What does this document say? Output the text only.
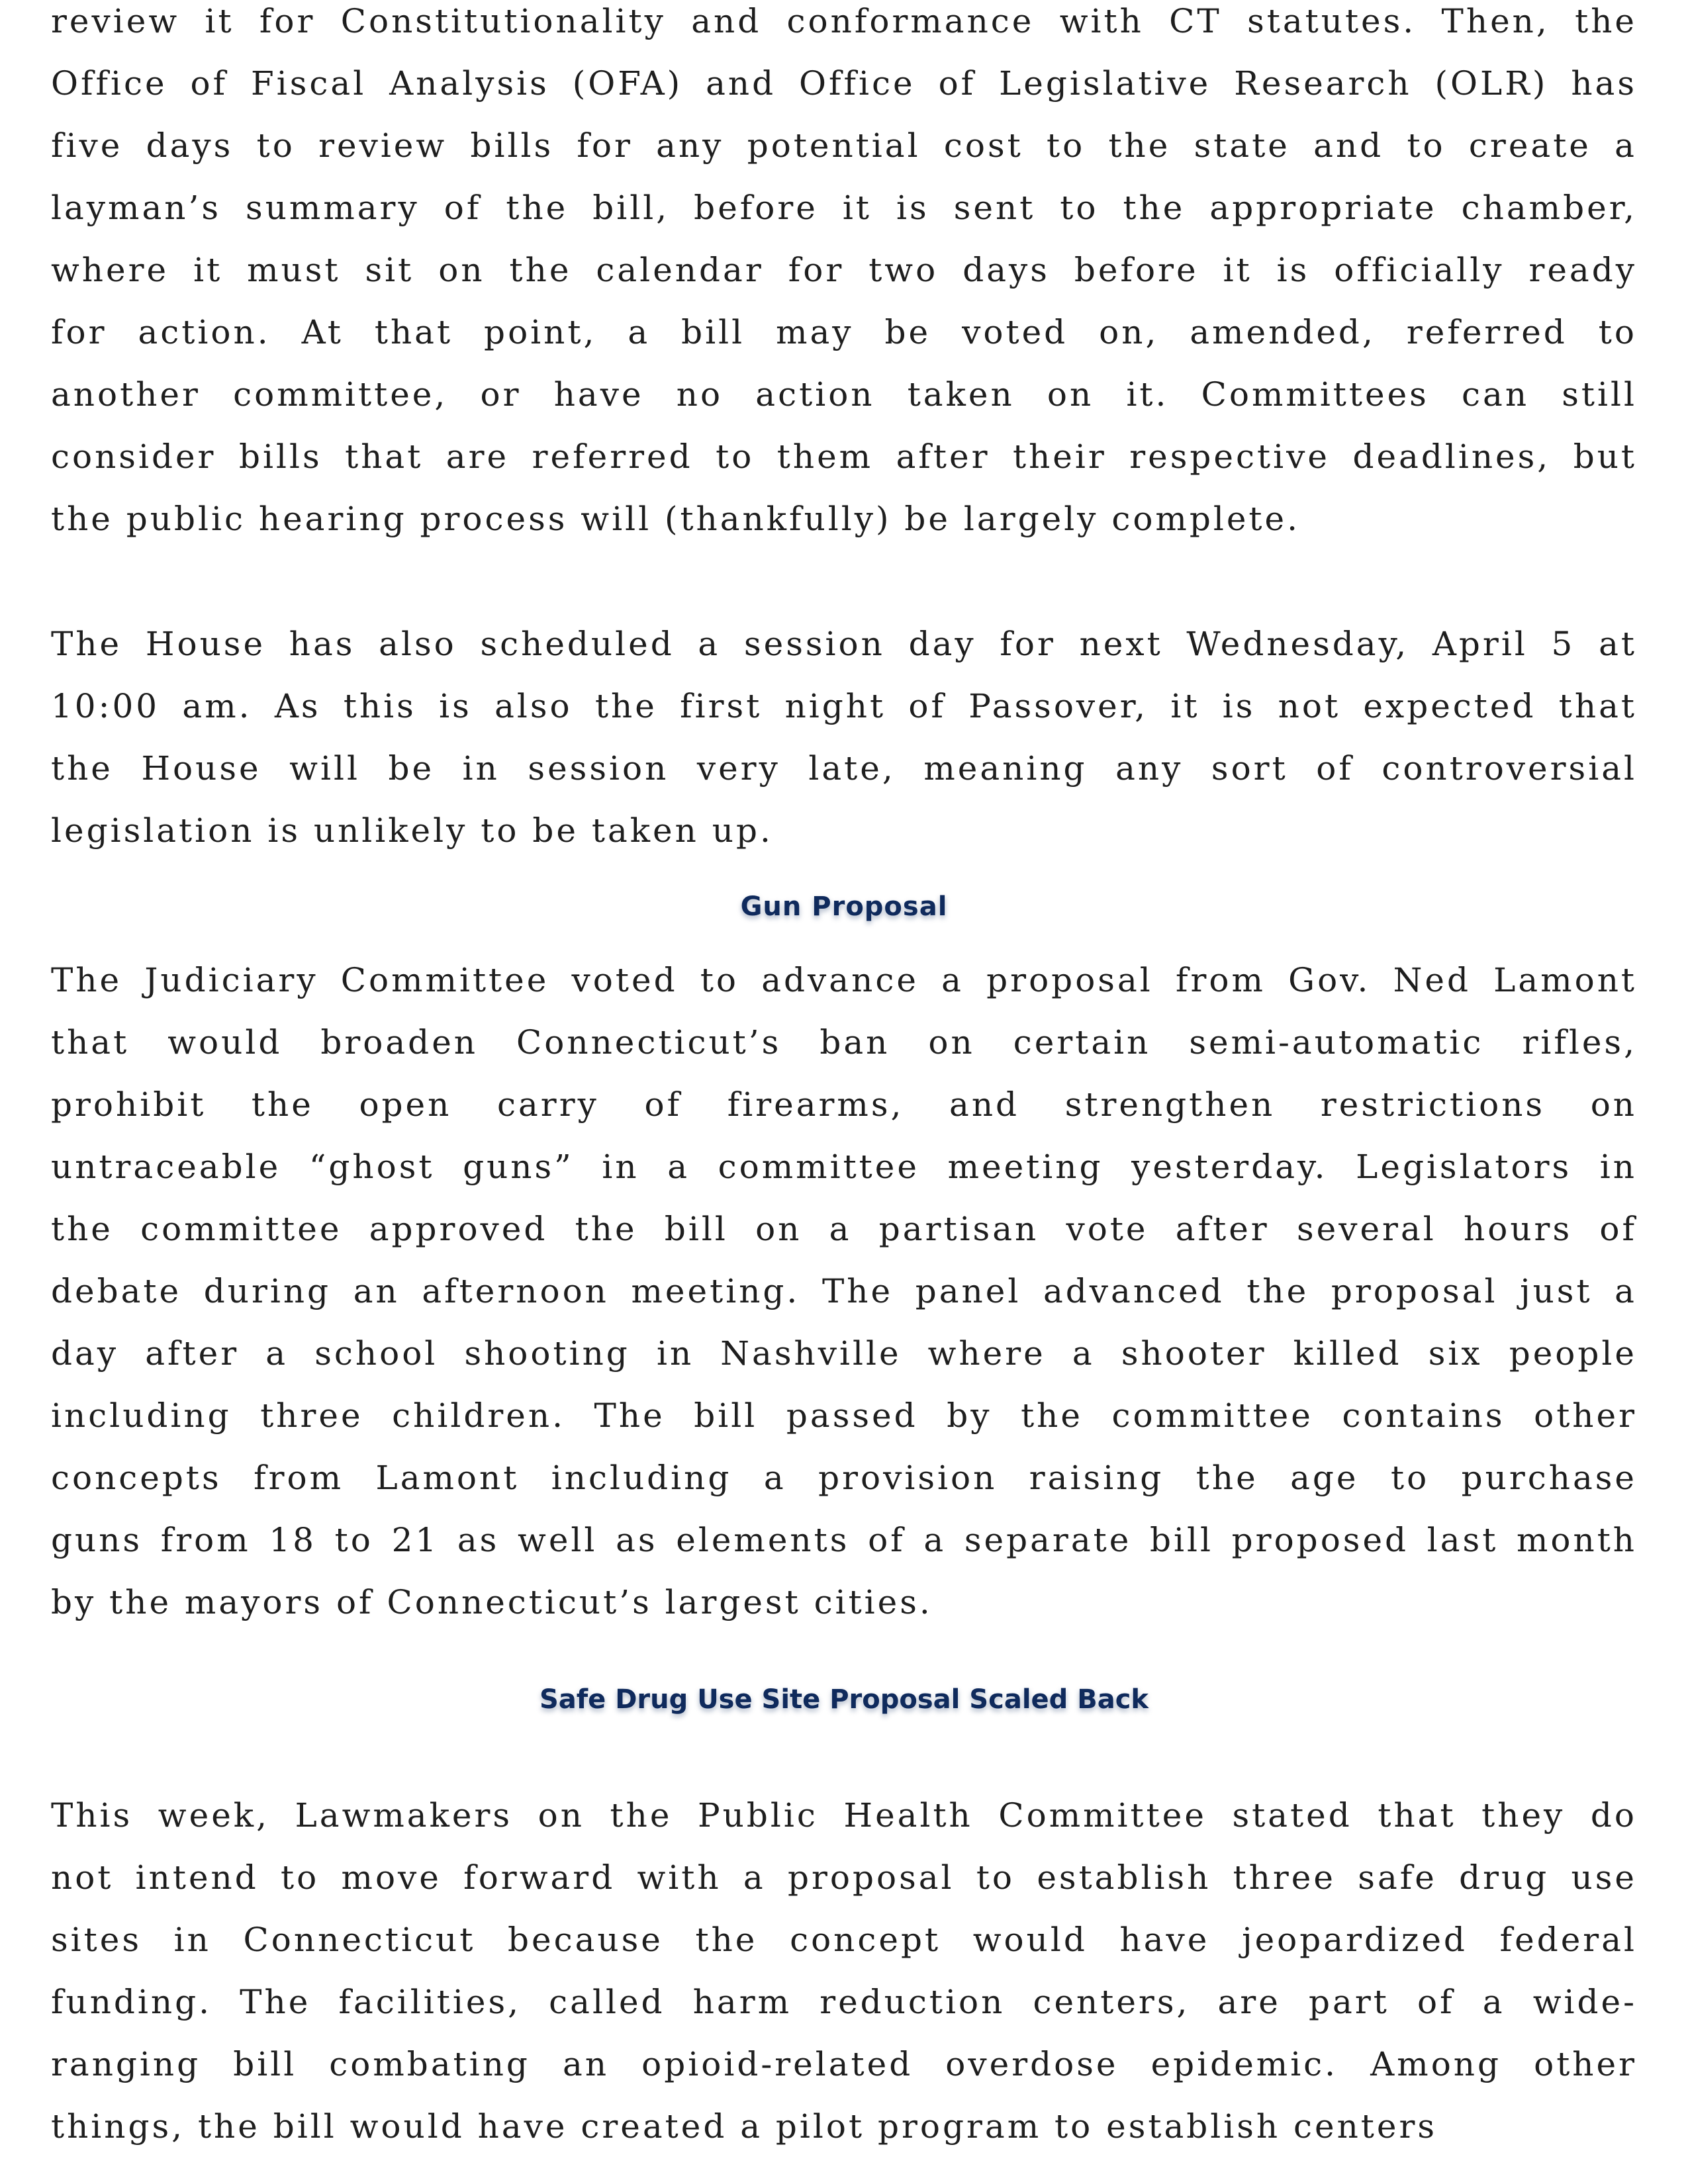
review it for Constitutionality and conformance with CT statutes. Then, the
Office of Fiscal Analysis (OFA) and Office of Legislative Research (OLR) has
five days to review bills for any potential cost to the state and to create a
layman’s summary of the bill, before it is sent to the appropriate chamber,
where it must sit on the calendar for two days before it is officially ready
for action. At that point, a bill may be voted on, amended, referred to
another committee, or have no action taken on it. Committees can still
consider bills that are referred to them after their respective deadlines, but
the public hearing process will (thankfully) be largely complete.
The House has also scheduled a session day for next Wednesday, April 5 at
10:00 am. As this is also the first night of Passover, it is not expected that
the House will be in session very late, meaning any sort of controversial
legislation is unlikely to be taken up.
Gun Proposal
The Judiciary Committee voted to advance a proposal from Gov. Ned Lamont
that would broaden Connecticut’s ban on certain semi-automatic rifles,
prohibit the open carry of firearms, and strengthen restrictions on
untraceable “ghost guns” in a committee meeting yesterday. Legislators in
the committee approved the bill on a partisan vote after several hours of
debate during an afternoon meeting. The panel advanced the proposal just a
day after a school shooting in Nashville where a shooter killed six people
including three children. The bill passed by the committee contains other
concepts from Lamont including a provision raising the age to purchase
guns from 18 to 21 as well as elements of a separate bill proposed last month
by the mayors of Connecticut’s largest cities.
Safe Drug Use Site Proposal Scaled Back
This week, Lawmakers on the Public Health Committee stated that they do
not intend to move forward with a proposal to establish three safe drug use
sites in Connecticut because the concept would have jeopardized federal
funding. The facilities, called harm reduction centers, are part of a wide-
ranging bill combating an opioid-related overdose epidemic. Among other
things, the bill would have created a pilot program to establish centers
